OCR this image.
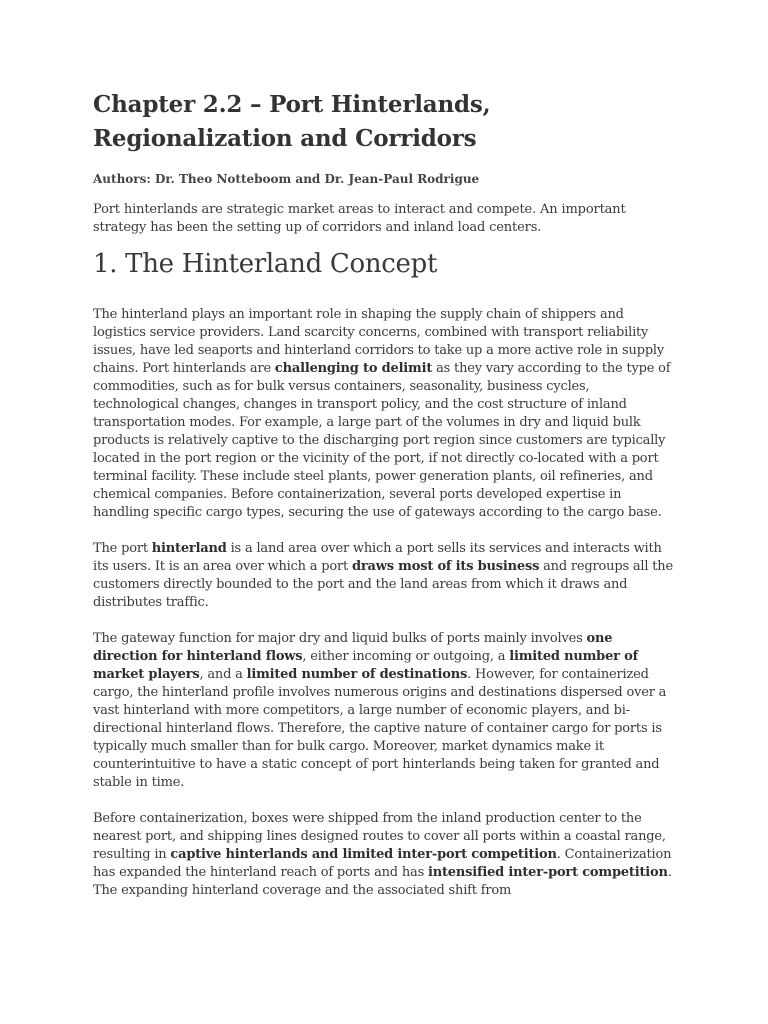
Chapter 2.2 – Port Hinterlands,
Regionalization and Corridors

Authors: Dr. Theo Notteboom and Dr. Jean-Paul Rodrigue

Port hinterlands are strategic market areas to interact and compete. An important strategy has been the setting up of corridors and inland load centers.

1. The Hinterland Concept

The hinterland plays an important role in shaping the supply chain of shippers and logistics service providers. Land scarcity concerns, combined with transport reliability issues, have led seaports and hinterland corridors to take up a more active role in supply chains. Port hinterlands are challenging to delimit as they vary according to the type of commodities, such as for bulk versus containers, seasonality, business cycles, technological changes, changes in transport policy, and the cost structure of inland transportation modes. For example, a large part of the volumes in dry and liquid bulk products is relatively captive to the discharging port region since customers are typically located in the port region or the vicinity of the port, if not directly co-located with a port terminal facility. These include steel plants, power generation plants, oil refineries, and chemical companies. Before containerization, several ports developed expertise in handling specific cargo types, securing the use of gateways according to the cargo base.

The port hinterland is a land area over which a port sells its services and interacts with its users. It is an area over which a port draws most of its business and regroups all the customers directly bounded to the port and the land areas from which it draws and distributes traffic.

The gateway function for major dry and liquid bulks of ports mainly involves one direction for hinterland flows, either incoming or outgoing, a limited number of market players, and a limited number of destinations. However, for containerized cargo, the hinterland profile involves numerous origins and destinations dispersed over a vast hinterland with more competitors, a large number of economic players, and bi-directional hinterland flows. Therefore, the captive nature of container cargo for ports is typically much smaller than for bulk cargo. Moreover, market dynamics make it counterintuitive to have a static concept of port hinterlands being taken for granted and stable in time.

Before containerization, boxes were shipped from the inland production center to the nearest port, and shipping lines designed routes to cover all ports within a coastal range, resulting in captive hinterlands and limited inter-port competition. Containerization has expanded the hinterland reach of ports and has intensified inter-port competition. The expanding hinterland coverage and the associated shift from
